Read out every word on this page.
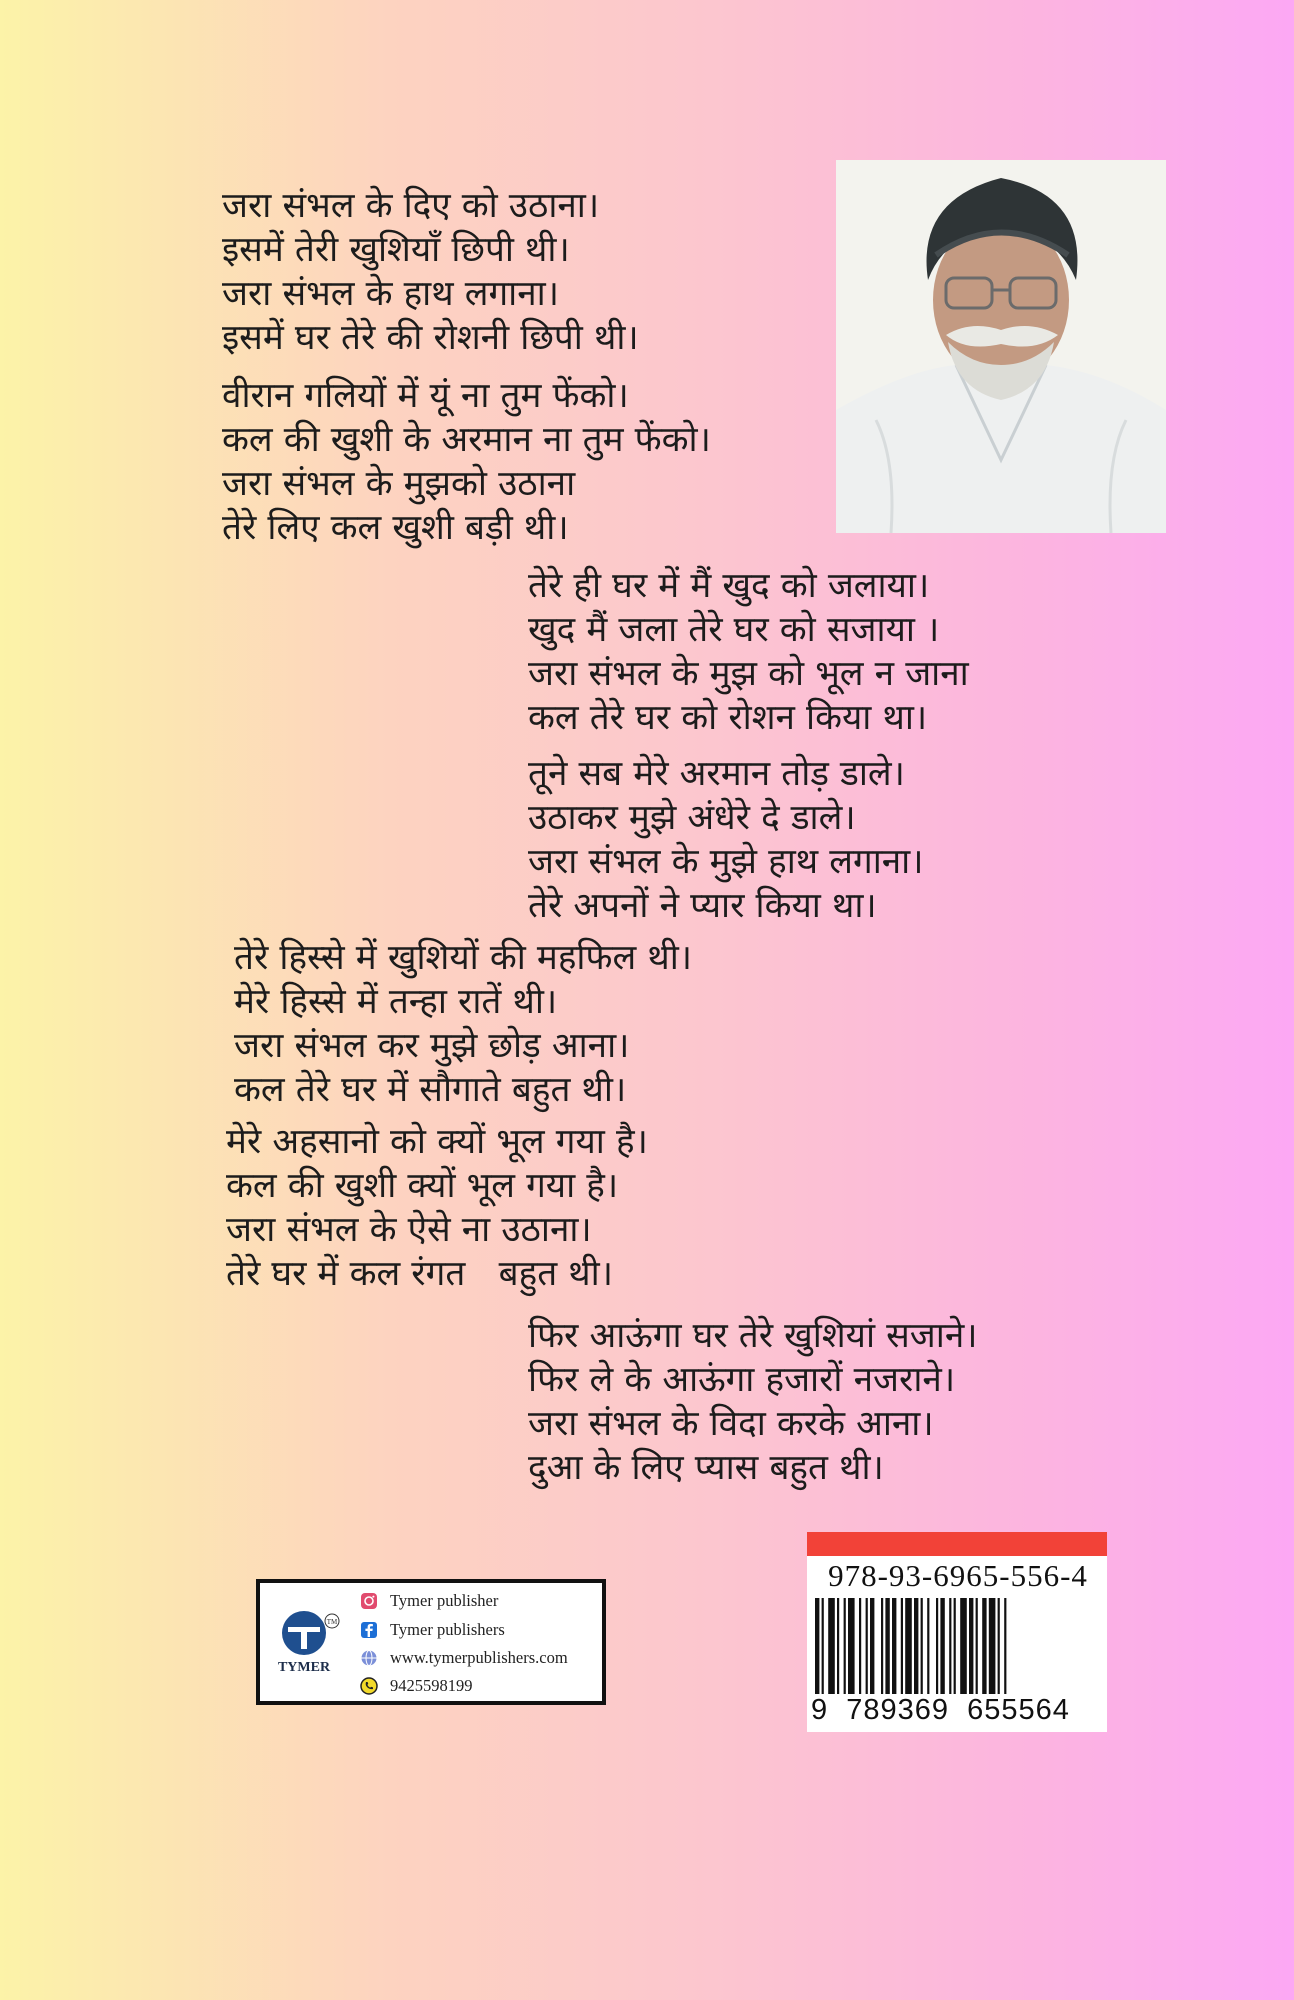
जरा संभल के दिए को उठाना।
इसमें तेरी खुशियाँ छिपी थी।
जरा संभल के हाथ लगाना।
इसमें घर तेरे की रोशनी छिपी थी।
वीरान गलियों में यूं ना तुम फेंको।
कल की खुशी के अरमान ना तुम फेंको।
जरा संभल के मुझको उठाना
तेरे लिए कल खुशी बड़ी थी।
तेरे ही घर में मैं खुद को जलाया।
खुद मैं जला तेरे घर को सजाया ।
जरा संभल के मुझ को भूल न जाना
कल तेरे घर को रोशन किया था।
तूने सब मेरे अरमान तोड़ डाले।
उठाकर मुझे अंधेरे दे डाले।
जरा संभल के मुझे हाथ लगाना।
तेरे अपनों ने प्यार किया था।
तेरे हिस्से में खुशियों की महफिल थी।
मेरे हिस्से में तन्हा रातें थी।
जरा संभल कर मुझे छोड़ आना।
कल तेरे घर में सौगाते बहुत थी।
मेरे अहसानो को क्यों भूल गया है।
कल की खुशी क्यों भूल गया है।
जरा संभल के ऐसे ना उठाना।
तेरे घर में कल रंगत   बहुत थी।
फिर आऊंगा घर तेरे खुशियां सजाने।
फिर ले के आऊंगा हजारों नजराने।
जरा संभल के विदा करके आना।
दुआ के लिए प्यास बहुत थी।
TM
TYMER
Tymer publisher
Tymer publishers
www.tymerpublishers.com
9425598199
978-93-6965-556-4
9  789369  655564
